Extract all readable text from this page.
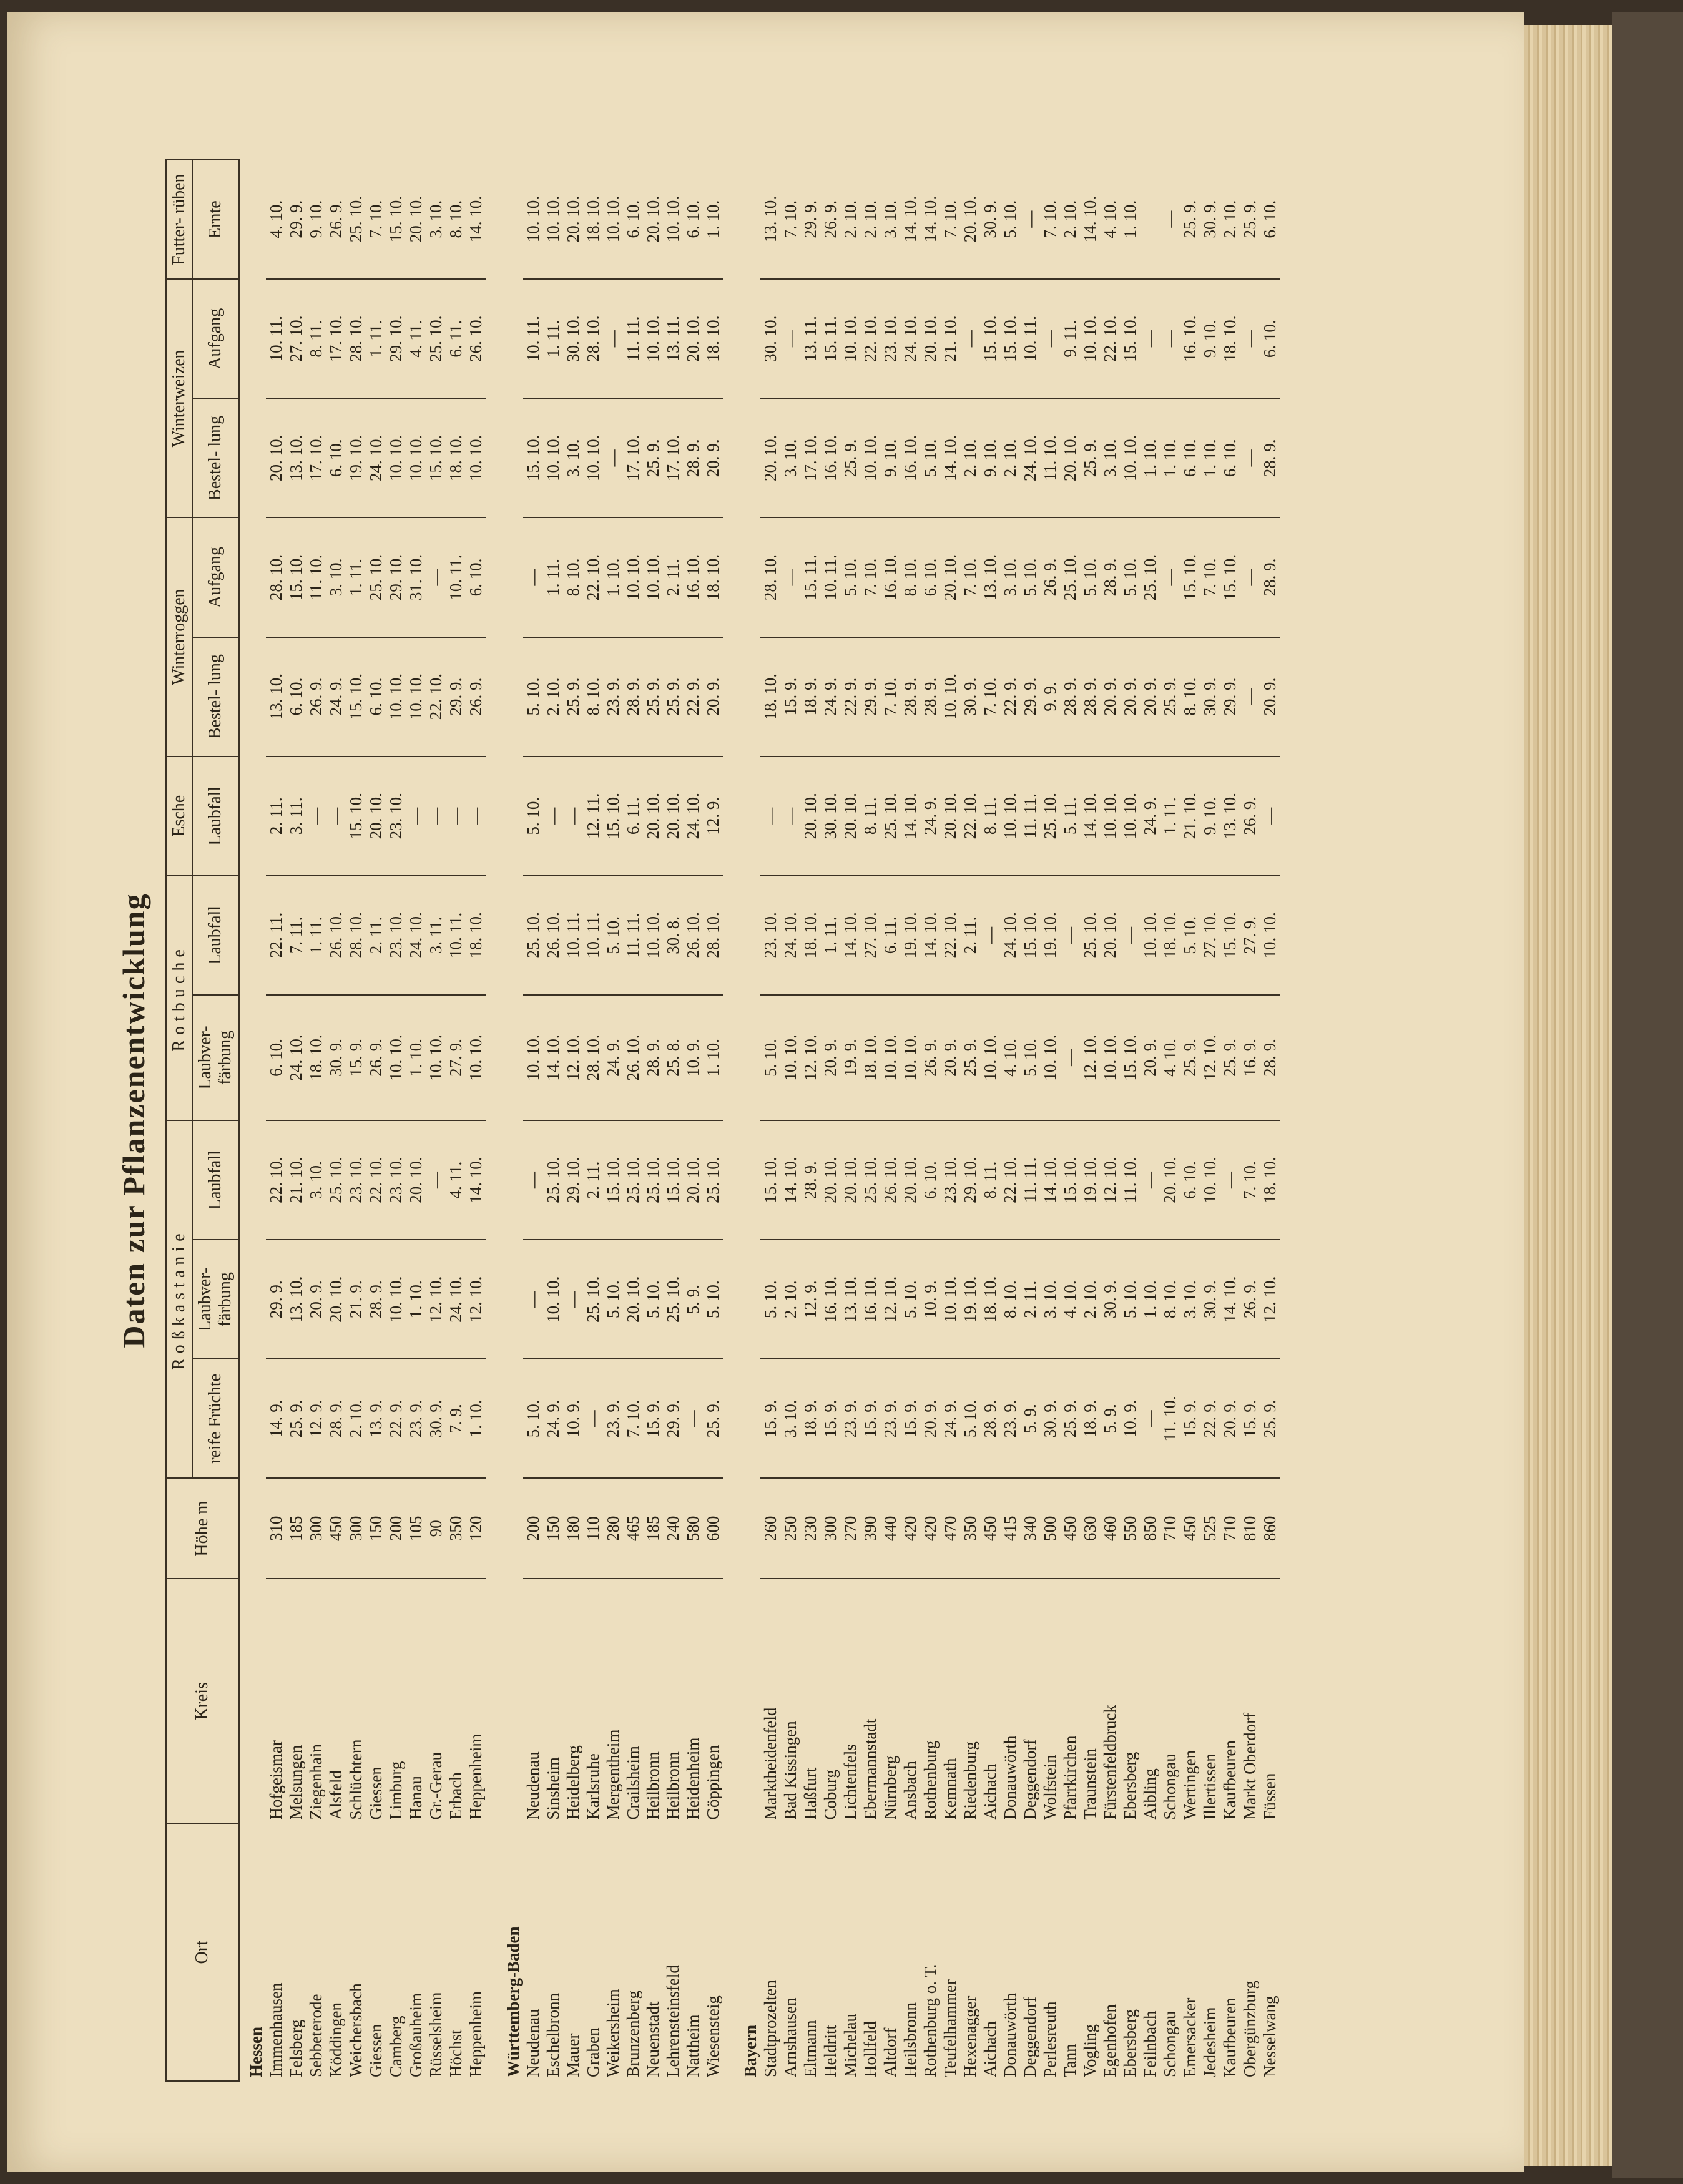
Daten zur Pflanzenentwicklung
Ort	Kreis	Höhe m	Roßkastanie			Rotbuche		Esche	Winterroggen		Winterweizen		Futter- rüben
			reife Früchte	Laubver- färbung	Laubfall	Laubver- färbung	Laubfall	Laubfall	Bestel- lung	Aufgang	Bestel- lung	Aufgang	Ernte
Hessen													
Immenhausen	Hofgeismar	310	14. 9.	29. 9.	22. 10.	6. 10.	22. 11.	2. 11.	13. 10.	28. 10.	20. 10.	10. 11.	4. 10.
Felsberg	Melsungen	185	25. 9.	13. 10.	21. 10.	24. 10.	7. 11.	3. 11.	6. 10.	15. 10.	13. 10.	27. 10.	29. 9.
Sebbeterode	Ziegenhain	300	12. 9.	20. 9.	3. 10.	18. 10.	1. 11.	—	26. 9.	11. 10.	17. 10.	8. 11.	9. 10.
Köddingen	Alsfeld	450	28. 9.	20. 10.	25. 10.	30. 9.	26. 10.	—	24. 9.	3. 10.	6. 10.	17. 10.	26. 9.
Weichersbach	Schlüchtern	300	2. 10.	21. 9.	23. 10.	15. 9.	28. 10.	15. 10.	15. 10.	1. 11.	19. 10.	28. 10.	25. 10.
Giessen	Giessen	150	13. 9.	28. 9.	22. 10.	26. 9.	2. 11.	20. 10.	6. 10.	25. 10.	24. 10.	1. 11.	7. 10.
Camberg	Limburg	200	22. 9.	10. 10.	23. 10.	10. 10.	23. 10.	23. 10.	10. 10.	29. 10.	10. 10.	29. 10.	15. 10.
Großauheim	Hanau	105	23. 9.	1. 10.	20. 10.	1. 10.	24. 10.	—	10. 10.	31. 10.	10. 10.	4. 11.	20. 10.
Rüsselsheim	Gr.-Gerau	90	30. 9.	12. 10.	—	10. 10.	3. 11.	—	22. 10.	—	15. 10.	25. 10.	3. 10.
Höchst	Erbach	350	7. 9.	24. 10.	4. 11.	27. 9.	10. 11.	—	29. 9.	10. 11.	18. 10.	6. 11.	8. 10.
Heppenheim	Heppenheim	120	1. 10.	12. 10.	14. 10.	10. 10.	18. 10.	—	26. 9.	6. 10.	10. 10.	26. 10.	14. 10.

Württemberg-Baden													
Neudenau	Neudenau	200	5. 10.	—	—	10. 10.	25. 10.	5. 10.	5. 10.	—	15. 10.	10. 11.	10. 10.
Eschelbronn	Sinsheim	150	24. 9.	10. 10.	25. 10.	14. 10.	26. 10.	—	2. 10.	1. 11.	10. 10.	1. 11.	10. 10.
Mauer	Heidelberg	180	10. 9.	—	29. 10.	12. 10.	10. 11.	—	25. 9.	8. 10.	3. 10.	30. 10.	20. 10.
Graben	Karlsruhe	110	—	25. 10.	2. 11.	28. 10.	10. 11.	12. 11.	8. 10.	22. 10.	10. 10.	28. 10.	18. 10.
Weikersheim	Mergentheim	280	23. 9.	5. 10.	15. 10.	24. 9.	5. 10.	15. 10.	23. 9.	1. 10.	—	—	10. 10.
Brunzenberg	Crailsheim	465	7. 10.	20. 10.	25. 10.	26. 10.	11. 11.	6. 11.	28. 9.	10. 10.	17. 10.	11. 11.	6. 10.
Neuenstadt	Heilbronn	185	15. 9.	5. 10.	25. 10.	28. 9.	10. 10.	20. 10.	25. 9.	10. 10.	25. 9.	10. 10.	20. 10.
Lehrensteinsfeld	Heilbronn	240	29. 9.	25. 10.	15. 10.	25. 8.	30. 8.	20. 10.	25. 9.	2. 11.	17. 10.	13. 11.	10. 10.
Nattheim	Heidenheim	580	—	5. 9.	20. 10.	10. 9.	26. 10.	24. 10.	22. 9.	16. 10.	28. 9.	20. 10.	6. 10.
Wiesensteig	Göppingen	600	25. 9.	5. 10.	25. 10.	1. 10.	28. 10.	12. 9.	20. 9.	18. 10.	20. 9.	18. 10.	1. 10.

Bayern													
Stadtprozelten	Marktheidenfeld	260	15. 9.	5. 10.	15. 10.	5. 10.	23. 10.	—	18. 10.	28. 10.	20. 10.	30. 10.	13. 10.
Arnshausen	Bad Kissingen	250	3. 10.	2. 10.	14. 10.	10. 10.	24. 10.	—	15. 9.	—	3. 10.	—	7. 10.
Eltmann	Haßfurt	230	18. 9.	12. 9.	28. 9.	12. 10.	18. 10.	20. 10.	18. 9.	15. 11.	17. 10.	13. 11.	29. 9.
Heldritt	Coburg	300	15. 9.	16. 10.	20. 10.	20. 9.	1. 11.	30. 10.	24. 9.	10. 11.	16. 10.	15. 11.	26. 9.
Michelau	Lichtenfels	270	23. 9.	13. 10.	20. 10.	19. 9.	14. 10.	20. 10.	22. 9.	5. 10.	25. 9.	10. 10.	2. 10.
Hollfeld	Ebermannstadt	390	15. 9.	16. 10.	25. 10.	18. 10.	27. 10.	8. 11.	29. 9.	7. 10.	10. 10.	22. 10.	2. 10.
Altdorf	Nürnberg	440	23. 9.	12. 10.	26. 10.	10. 10.	6. 11.	25. 10.	7. 10.	16. 10.	9. 10.	23. 10.	3. 10.
Heilsbronn	Ansbach	420	15. 9.	5. 10.	20. 10.	10. 10.	19. 10.	14. 10.	28. 9.	8. 10.	16. 10.	24. 10.	14. 10.
Rothenburg o. T.	Rothenburg	420	20. 9.	10. 9.	6. 10.	26. 9.	14. 10.	24. 9.	28. 9.	6. 10.	5. 10.	20. 10.	14. 10.
Teufelhammer	Kemnath	470	24. 9.	10. 10.	23. 10.	20. 9.	22. 10.	20. 10.	10. 10.	20. 10.	14. 10.	21. 10.	7. 10.
Hexenagger	Riedenburg	350	5. 10.	19. 10.	29. 10.	25. 9.	2. 11.	22. 10.	30. 9.	7. 10.	2. 10.	—	20. 10.
Aichach	Aichach	450	28. 9.	18. 10.	8. 11.	10. 10.	—	8. 11.	7. 10.	13. 10.	9. 10.	15. 10.	30. 9.
Donauwörth	Donauwörth	415	23. 9.	8. 10.	22. 10.	4. 10.	24. 10.	10. 10.	22. 9.	3. 10.	2. 10.	15. 10.	5. 10.
Deggendorf	Deggendorf	340	5. 9.	2. 11.	11. 11.	5. 10.	15. 10.	11. 11.	29. 9.	5. 10.	24. 10.	10. 11.	—
Perlesreuth	Wolfstein	500	30. 9.	3. 10.	14. 10.	10. 10.	19. 10.	25. 10.	9. 9.	26. 9.	11. 10.	—	7. 10.
Tann	Pfarrkirchen	450	25. 9.	4. 10.	15. 10.	—	—	5. 11.	28. 9.	25. 10.	20. 10.	9. 11.	2. 10.
Vogling	Traunstein	630	18. 9.	2. 10.	19. 10.	12. 10.	25. 10.	14. 10.	28. 9.	5. 10.	25. 9.	10. 10.	14. 10.
Egenhofen	Fürstenfeldbruck	460	5. 9.	30. 9.	12. 10.	10. 10.	20. 10.	10. 10.	20. 9.	28. 9.	3. 10.	22. 10.	4. 10.
Ebersberg	Ebersberg	550	10. 9.	5. 10.	11. 10.	15. 10.	—	10. 10.	20. 9.	5. 10.	10. 10.	15. 10.	1. 10.
Feilnbach	Aibling	850	—	1. 10.	—	20. 9.	10. 10.	24. 9.	20. 9.	25. 10.	1. 10.	—	
Schongau	Schongau	710	11. 10.	8. 10.	20. 10.	4. 10.	18. 10.	1. 11.	25. 9.	—	1. 10.	—	—
Emersacker	Wertingen	450	15. 9.	3. 10.	6. 10.	25. 9.	5. 10.	21. 10.	8. 10.	15. 10.	6. 10.	16. 10.	25. 9.
Jedesheim	Illertissen	525	22. 9.	30. 9.	10. 10.	12. 10.	27. 10.	9. 10.	30. 9.	7. 10.	1. 10.	9. 10.	30. 9.
Kaufbeuren	Kaufbeuren	710	20. 9.	14. 10.	—	25. 9.	15. 10.	13. 10.	29. 9.	15. 10.	6. 10.	18. 10.	2. 10.
Obergünzburg	Markt Oberdorf	810	15. 9.	26. 9.	7. 10.	16. 9.	27. 9.	26. 9.	—	—	—	—	25. 9.
Nesselwang	Füssen	860	25. 9.	12. 10.	18. 10.	28. 9.	10. 10.	—	20. 9.	28. 9.	28. 9.	6. 10.	6. 10.
